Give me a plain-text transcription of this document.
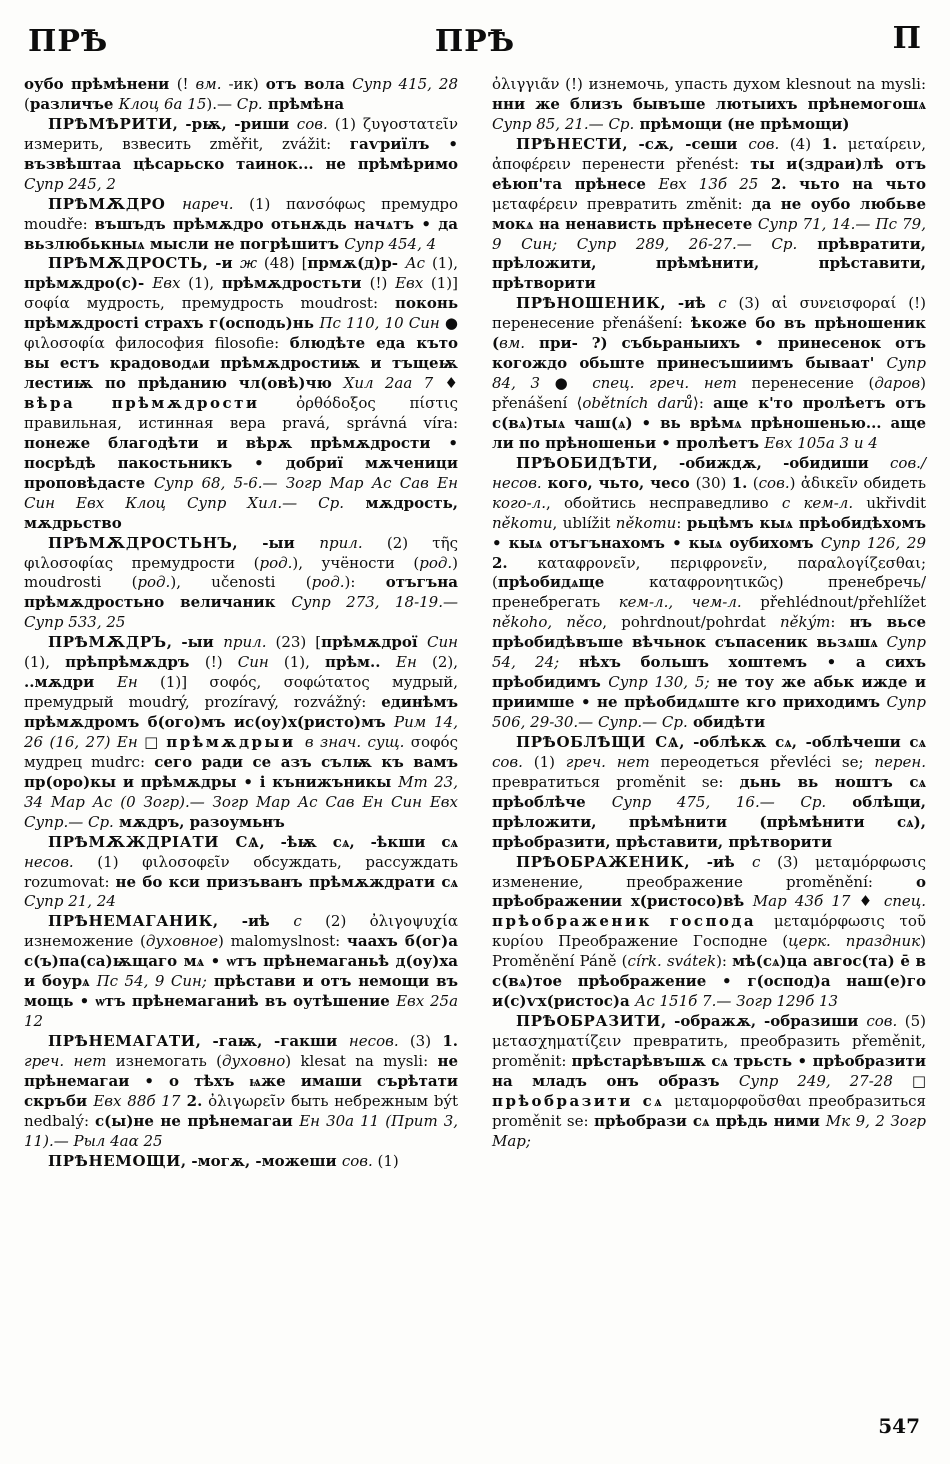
ПРѢ	ПРѢ	П

оубо прѣмѣнени (! вм. -ик) отъ вола Супр 415, 28 (различъе Клоц 6а 15).— Ср. прѣмѣна

ПРѢМѢРИТИ, -рѭ, -риши сов. (1) ζυγοστατεῖν измерить, взвесить změřit, zvážit: гаѵриїлъ • възвѣштаа цѣсарьско таинок... не прѣмѣримо Супр 245, 2

ПРѢМѪДРО нареч. (1) πανσόφως премудро moudře: въшъдъ прѣмѫдро отьнѫдь начѧтъ • да вьзлюбькныѧ мысли не погрѣшитъ Супр 454, 4

ПРѢМѪДРОСТЬ, -и ж (48) [прмѫ(д)р- Ас (1), прѣмѫдро(с)- Евх (1), прѣмѫдростьти (!) Евх (1)] σοφία мудрость, премудрость moudrost: поконь прѣмѫдрості страхъ г(осподь)нь Пс 110, 10 Син ● φιλοσοφία философия filosofie: блюдѣте еда къто вы естъ крадоводѧи прѣмѫдростиѭ и тъщеѭ лестиѭ по прѣданию чл(овѣ)чю Хил 2аа 7 ♦ вѣра прѣмѫдрости ὀρθόδοξος πίστις правильная, истинная вера pravá, správná víra: понеже благодѣти и вѣрѫ прѣмѫдрости • посрѣдѣ пакостьникъ • добриї мѫченици проповѣдасте Супр 68, 5-6.— Зогр Мар Ас Сав Ен Син Евх Клоц Супр Хил.— Ср. мѫдрость, мѫдрьство

ПРѢМѪДРОСТЬНЪ, -ыи прил. (2) τῆς φιλοσοφίας премудрости (род.), учёности (род.) moudrosti (род.), učenosti (род.): отъгъна прѣмѫдростьно величаник Супр 273, 18-19.— Супр 533, 25

ПРѢМѪДРЪ, -ыи прил. (23) [прѣмѫдрої Син (1), прѣпрѣмѫдръ (!) Син (1), прѣм.. Ен (2), ..мѫдри Ен (1)] σοφός, σοφώτατος мудрый, премудрый moudrý, prozíravý, rozvážný: единѣмъ прѣмѫдромъ б(ого)мъ ис(оу)х(ристо)мъ Рим 14, 26 (16, 27) Ен □ прѣмѫдрыи в знач. сущ. σοφός мудрец mudrc: сего ради се азъ сълѭ къ вамъ пр(оро)кы и прѣмѫдры • і кънижъникы Мт 23, 34 Мар Ас (0 Зогр).— Зогр Мар Ас Сав Ен Син Евх Супр.— Ср. мѫдръ, разоумьнъ

ПРѢМѪЖДРІАТИ СѦ, -ѣѭ сѧ, -ѣкши сѧ несов. (1) φιλοσοφεῖν обсуждать, рассуждать rozumovat: не бо кси призъванъ прѣмѫждрати сѧ Супр 21, 24

ПРѢНЕМАГАНИК, -иѣ с (2) ὀλιγοψυχία изнеможение (духовное) malomyslnost: чаахъ б(ог)а с(ъ)па(са)ѭщаго мѧ • ѡтъ прѣнемаганьѣ д(оу)ха и боурѧ Пс 54, 9 Син; прѣстави и отъ немощи въ мощь • ѡтъ прѣнемаганиѣ въ оутѣшение Евх 25а 12

ПРѢНЕМАГАТИ, -гаѭ, -гакши несов. (3) 1. греч. нет изнемогать (духовно) klesat na mysli: не прѣнемагаи • о тѣхъ ѩже имаши сърѣтати скръби Евх 88б 17 2. ὀλιγωρεῖν быть небрежным být nedbalý: с(ы)не не прѣнемагаи Ен 30а 11 (Прит 3, 11).— Рыл 4аα 25

ПРѢНЕМОЩИ, -могѫ, -можеши сов. (1)

ὀλιγγιᾶν (!) изнемочь, упасть духом klesnout na mysli: нни же близъ бывъше лютыихъ прѣнемогошѧ Супр 85, 21.— Ср. прѣмощи (не прѣмощи)

ПРѢНЕСТИ, -сѫ, -сеши сов. (4) 1. μεταίρειν, ἀποφέρειν перенести přenést: ты и(здраи)лѣ отъ еѣюп'та прѣнесе Евх 13б 25 2. чьто на чьто μεταφέρειν превратить změnit: да не оубо любьве мокѧ на ненависть прѣнесете Супр 71, 14.— Пс 79, 9 Син; Супр 289, 26-27.— Ср. прѣвратити, прѣложити, прѣмѣнити, прѣставити, прѣтворити

ПРѢНОШЕНИК, -иѣ с (3) αἱ συνεισφοραί (!) перенесение přenášení: ѣкоже бо въ прѣношеник (вм. при- ?) събьраныихъ • принесенок отъ когождо обьште принесъшиимъ бываат' Супр 84, 3 ● спец. греч. нет перенесение (даров) přenášení ⟨obětních darů⟩: аще к'то пролѣетъ отъ с(вѧ)тыѧ чаш(ѧ) • вь врѣмѧ прѣношенью... аще ли по прѣношеньи • пролѣетъ Евх 105а 3 и 4

ПРѢОБИДѢТИ, -обиждѫ, -обидиши сов./несов. кого, чьто, чесо (30) 1. (сов.) ἀδικεῖν обидеть кого-л., обойтись несправедливо с кем-л. ukřivdit někomu, ublížit někomu: рьцѣмъ кыѧ прѣобидѣхомъ • кыѧ отъгънахомъ • кыѧ оубихомъ Супр 126, 29 2. καταφρονεῖν, περιφρονεῖν, παραλογίζεσθαι; (прѣобидѧще καταφρονητικῶς) пренебречь/пренебрегать кем-л., чем-л. přehlédnout/přehlížet někoho, něco, pohrdnout/pohrdat někým: нъ вьсе прѣобидѣвъше вѣчьнок съпасеник вьзѧшѧ Супр 54, 24; нѣхъ большъ хоштемъ • а сихъ прѣобидимъ Супр 130, 5; не тоу же абьк ижде и приимше • не прѣобидѧште кго приходимъ Супр 506, 29-30.— Супр.— Ср. обидѣти

ПРѢОБЛѢЩИ СѦ, -облѣкѫ сѧ, -облѣчеши сѧ сов. (1) греч. нет переодеться převléci se; перен. превратиться proměnit se: дьнь вь ноштъ сѧ прѣоблѣче Супр 475, 16.— Ср. облѣщи, прѣложити, прѣмѣнити (прѣмѣнити сѧ), прѣобразити, прѣставити, прѣтворити

ПРѢОБРАЖЕНИК, -иѣ с (3) μεταμόρφωσις изменение, преображение proměnění: о прѣображении х(ристосо)вѣ Мар 43б 17 ♦ спец. прѣображеник господа μεταμόρφωσις τοῦ κυρίου Преображение Господне (церк. праздник) Proměnění Páně (círk. svátek): мѣ(сѧ)ца авгос(та) е̄ в с(вѧ)тое прѣображение • г(оспод)а наш(е)го и(с)ѵх(ристос)а Ас 151б 7.— Зогр 129б 13

ПРѢОБРАЗИТИ, -ображѫ, -образиши сов. (5) μετασχηματίζειν превратить, преобразить přeměnit, proměnit: прѣстарѣвъшѫ сѧ трьсть • прѣобразити на младъ онъ образъ Супр 249, 27-28 □ прѣобразити сѧ μεταμορφοῦσθαι преобразиться proměnit se: прѣобрази сѧ прѣдь ними Мк 9, 2 Зогр Мар;

547
